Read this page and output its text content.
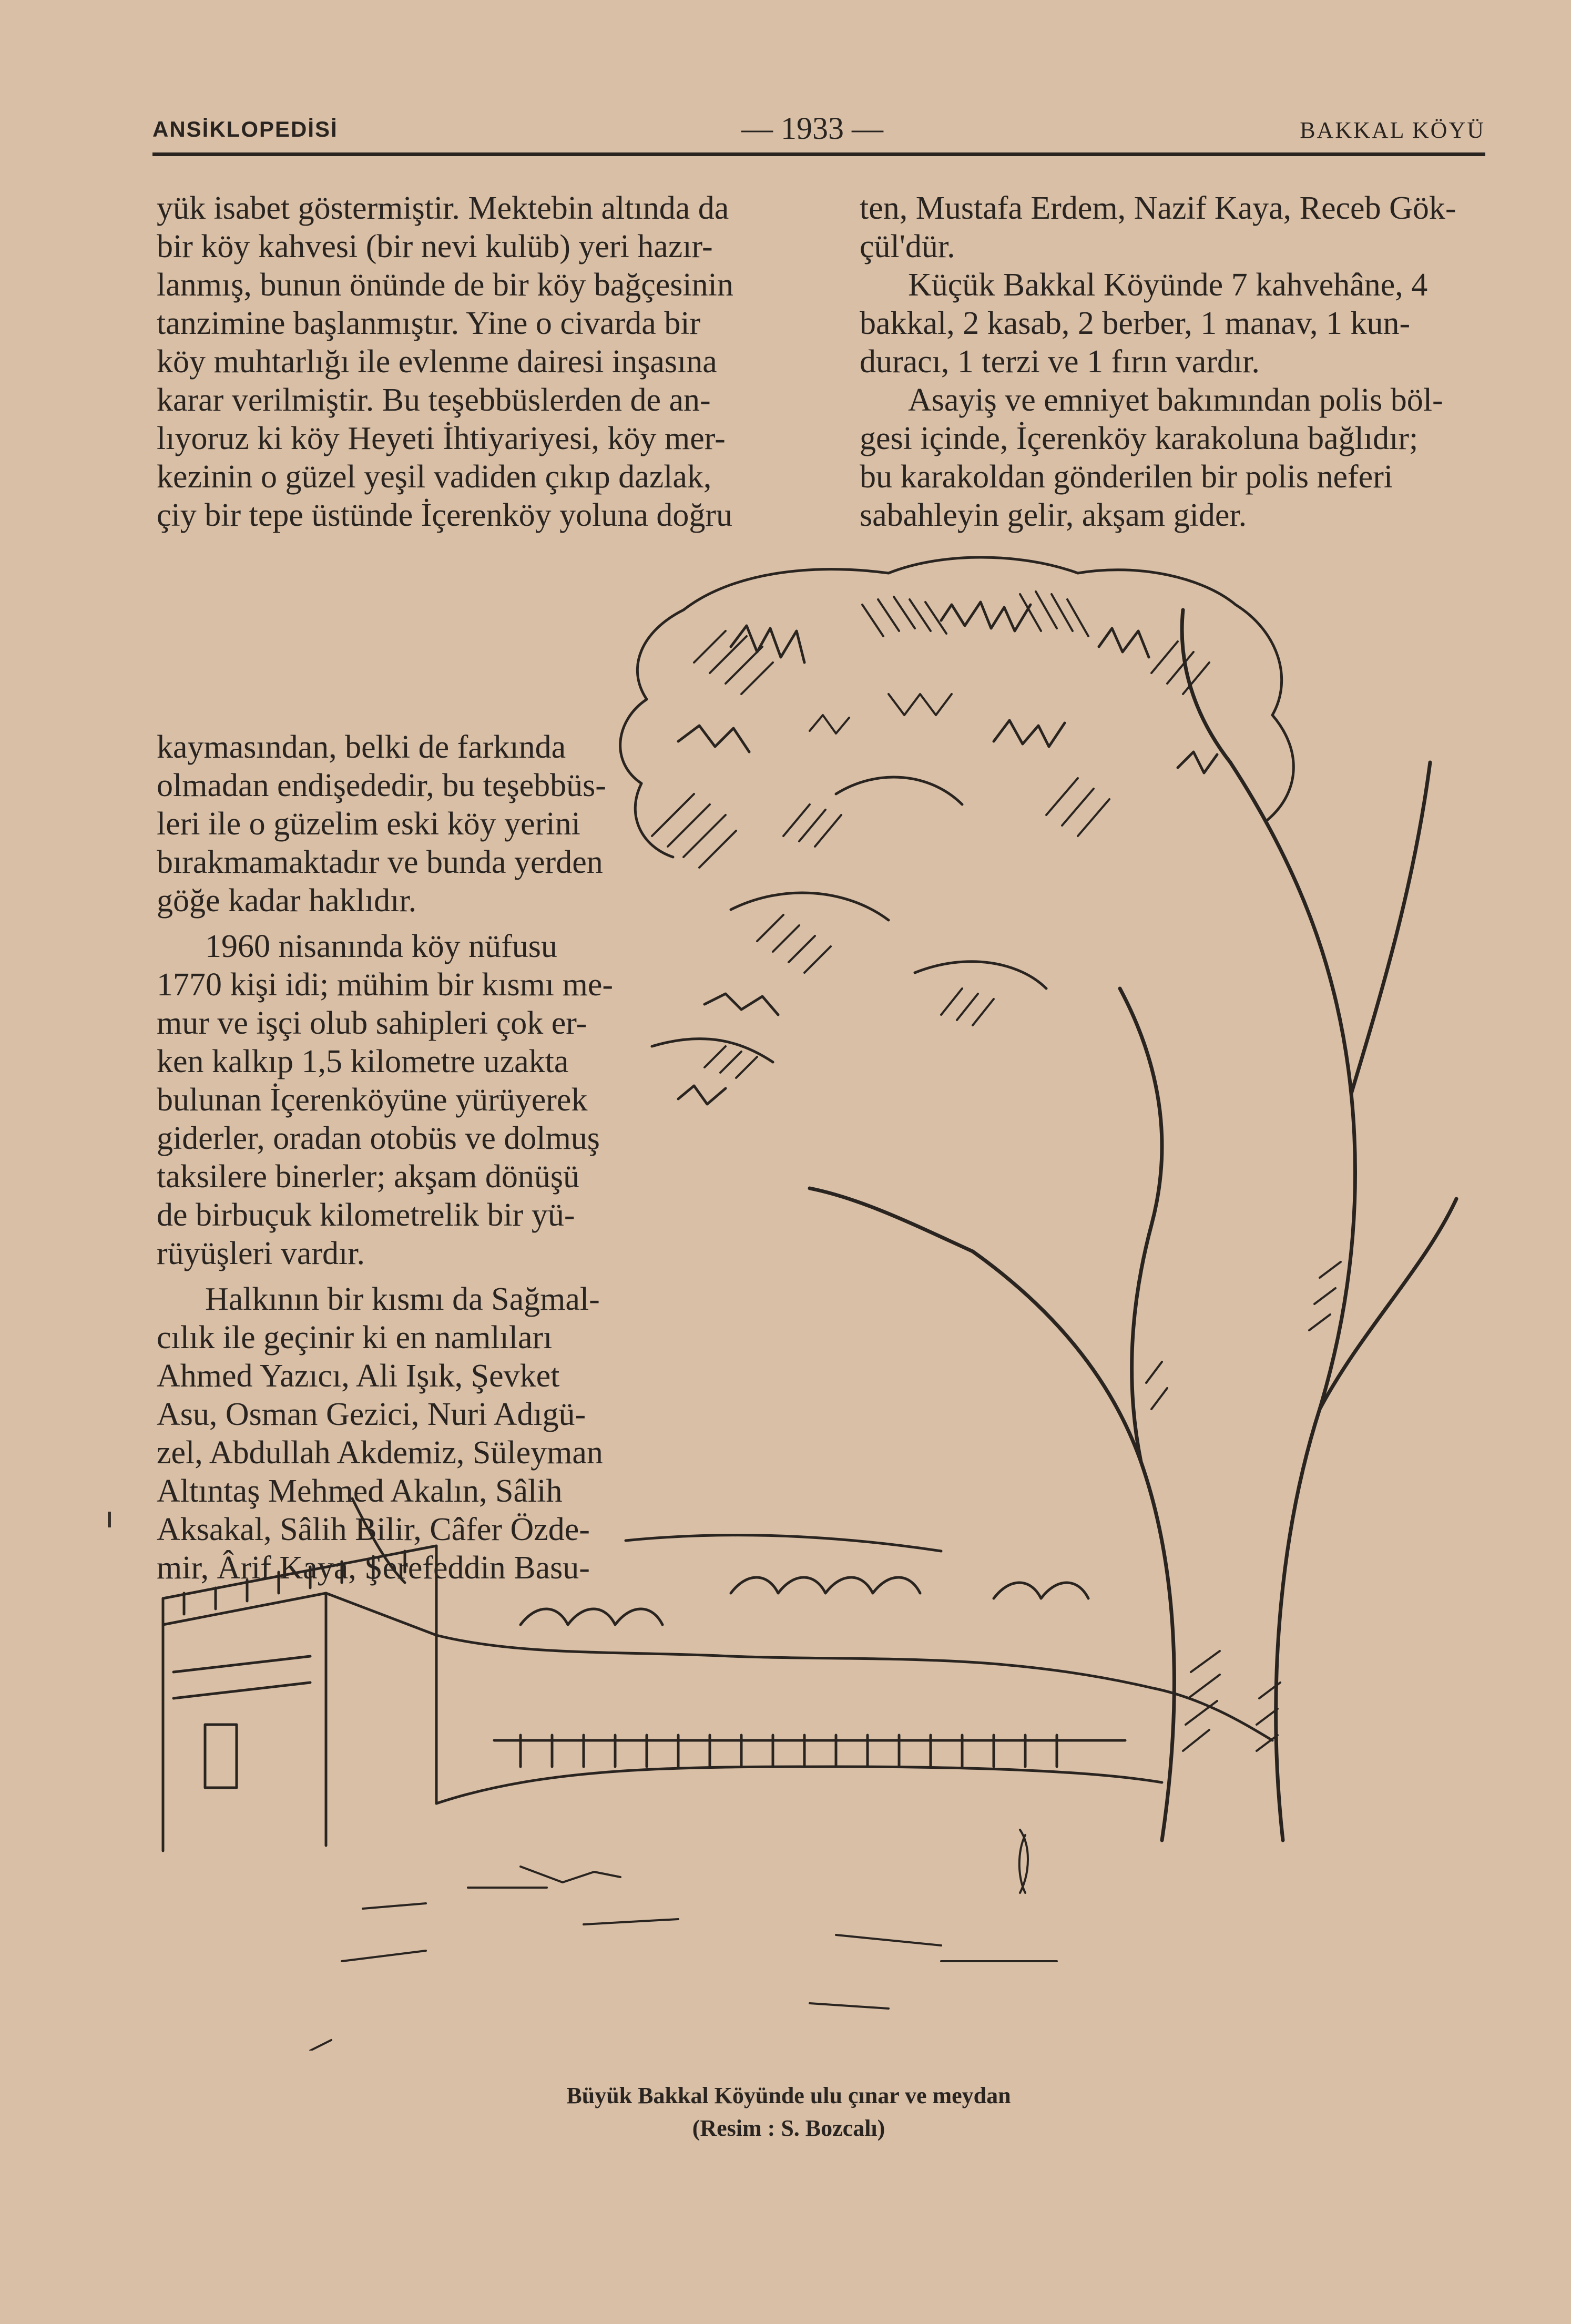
ANSİKLOPEDİSİ	— 1933 —	BAKKAL KÖYÜ
yük isabet göstermiştir. Mektebin altında da
bir köy kahvesi (bir nevi kulüb) yeri hazır-
lanmış, bunun önünde de bir köy bağçesinin
tanzimine başlanmıştır. Yine o civarda bir
köy muhtarlığı ile evlenme dairesi inşasına
karar verilmiştir. Bu teşebbüslerden de an-
lıyoruz ki köy Heyeti İhtiyariyesi, köy mer-
kezinin o güzel yeşil vadiden çıkıp dazlak,
çiy bir tepe üstünde İçerenköy yoluna doğru
kaymasından, belki de farkında
olmadan endişededir, bu teşebbüs-
leri ile o güzelim eski köy yerini
bırakmamaktadır ve bunda yerden
göğe kadar haklıdır.
1960 nisanında köy nüfusu
1770 kişi idi; mühim bir kısmı me-
mur ve işçi olub sahipleri çok er-
ken kalkıp 1,5 kilometre uzakta
bulunan İçerenköyüne yürüyerek
giderler, oradan otobüs ve dolmuş
taksilere binerler; akşam dönüşü
de birbuçuk kilometrelik bir yü-
rüyüşleri vardır.
Halkının bir kısmı da Sağmal-
cılık ile geçinir ki en namlıları
Ahmed Yazıcı, Ali Işık, Şevket
Asu, Osman Gezici, Nuri Adıgü-
zel, Abdullah Akdemiz, Süleyman
Altıntaş Mehmed Akalın, Sâlih
Aksakal, Sâlih Bilir, Câfer Özde-
mir, Ârif Kaya, Şerefeddin Basu-
ten, Mustafa Erdem, Nazif Kaya, Receb Gök-
çül'dür.
Küçük Bakkal Köyünde 7 kahvehâne, 4
bakkal, 2 kasab, 2 berber, 1 manav, 1 kun-
duracı, 1 terzi ve 1 fırın vardır.
Asayiş ve emniyet bakımından polis böl-
gesi içinde, İçerenköy karakoluna bağlıdır;
bu karakoldan gönderilen bir polis neferi
sabahleyin gelir, akşam gider.
Büyük Bakkal Köyünde ulu çınar ve meydan
(Resim : S. Bozcalı)
